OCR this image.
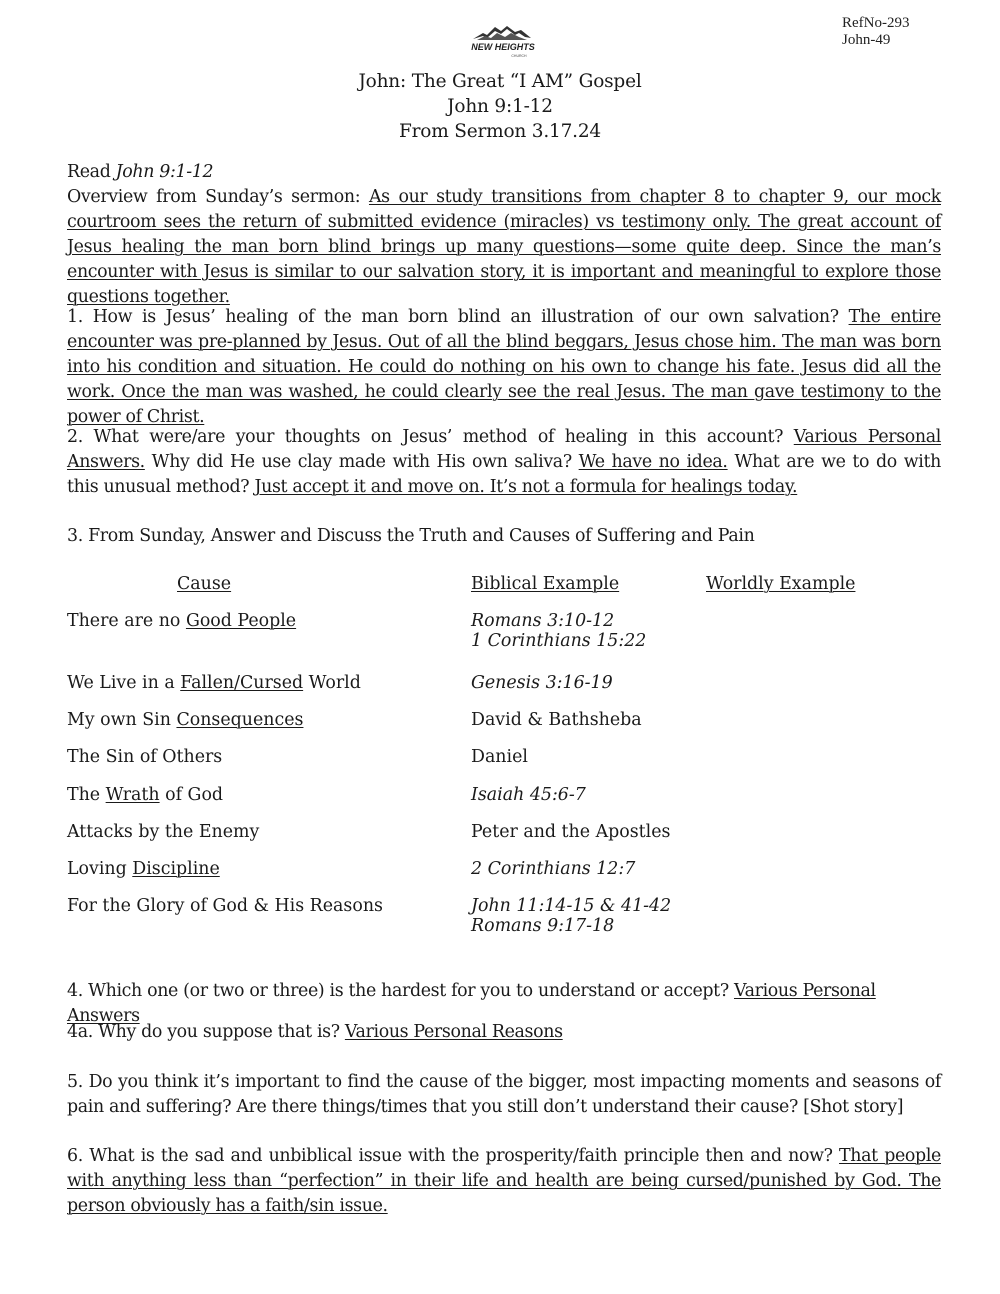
RefNo-293
John-49
NEW HEIGHTS
CHURCH
John: The Great “I AM” Gospel
John 9:1-12
From Sermon 3.17.24

Read John 9:1-12

Overview from Sunday’s sermon: As our study transitions from chapter 8 to chapter 9, our mock courtroom sees the return of submitted evidence (miracles) vs testimony only. The great account of Jesus healing the man born blind brings up many questions—some quite deep. Since the man’s encounter with Jesus is similar to our salvation story, it is important and meaningful to explore those questions together.

1. How is Jesus’ healing of the man born blind an illustration of our own salvation? The entire encounter was pre-planned by Jesus. Out of all the blind beggars, Jesus chose him. The man was born into his condition and situation. He could do nothing on his own to change his fate. Jesus did all the work. Once the man was washed, he could clearly see the real Jesus. The man gave testimony to the power of Christ.

2. What were/are your thoughts on Jesus’ method of healing in this account? Various Personal Answers. Why did He use clay made with His own saliva? We have no idea. What are we to do with this unusual method? Just accept it and move on. It’s not a formula for healings today.

3. From Sunday, Answer and Discuss the Truth and Causes of Suffering and Pain

Cause	Biblical Example	Worldly Example
There are no Good People	Romans 3:10-12
1 Corinthians 15:22
We Live in a Fallen/Cursed World	Genesis 3:16-19
My own Sin Consequences	David & Bathsheba
The Sin of Others	Daniel
The Wrath of God	Isaiah 45:6-7
Attacks by the Enemy	Peter and the Apostles
Loving Discipline	2 Corinthians 12:7
For the Glory of God & His Reasons	John 11:14-15 & 41-42
Romans 9:17-18

4. Which one (or two or three) is the hardest for you to understand or accept? Various Personal Answers

4a. Why do you suppose that is? Various Personal Reasons

5. Do you think it’s important to find the cause of the bigger, most impacting moments and seasons of pain and suffering? Are there things/times that you still don’t understand their cause? [Shot story]

6. What is the sad and unbiblical issue with the prosperity/faith principle then and now? That people with anything less than “perfection” in their life and health are being cursed/punished by God. The person obviously has a faith/sin issue.
